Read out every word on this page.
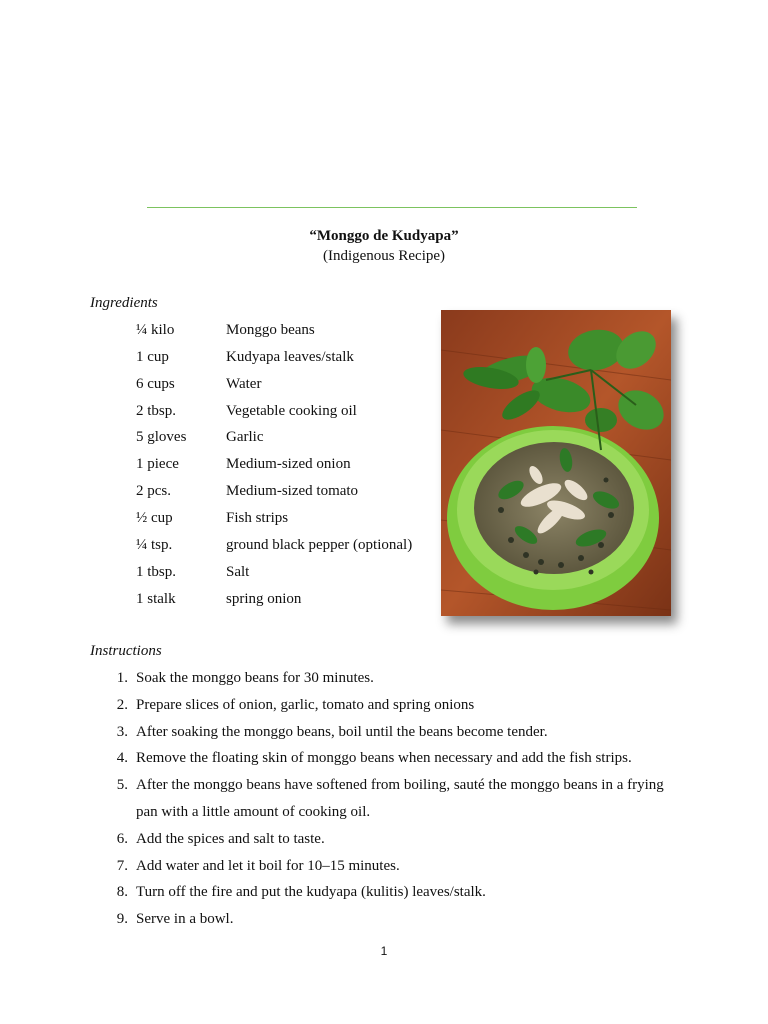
“Monggo de Kudyapa”
(Indigenous Recipe)
Ingredients
¼ kilo	Monggo beans
1 cup	Kudyapa leaves/stalk
6 cups	Water
2 tbsp.	Vegetable cooking oil
5 gloves	Garlic
1 piece	Medium-sized onion
2 pcs.	Medium-sized tomato
½ cup	Fish strips
¼ tsp.	ground black pepper (optional)
1 tbsp.	Salt
1 stalk	spring onion
Instructions
1. Soak the monggo beans for 30 minutes.
2. Prepare slices of onion, garlic, tomato and spring onions
3. After soaking the monggo beans, boil until the beans become tender.
4. Remove the floating skin of monggo beans when necessary and add the fish strips.
5. After the monggo beans have softened from boiling, sauté the monggo beans in a frying
pan with a little amount of cooking oil.
6. Add the spices and salt to taste.
7. Add water and let it boil for 10–15 minutes.
8. Turn off the fire and put the kudyapa (kulitis) leaves/stalk.
9. Serve in a bowl.
1
